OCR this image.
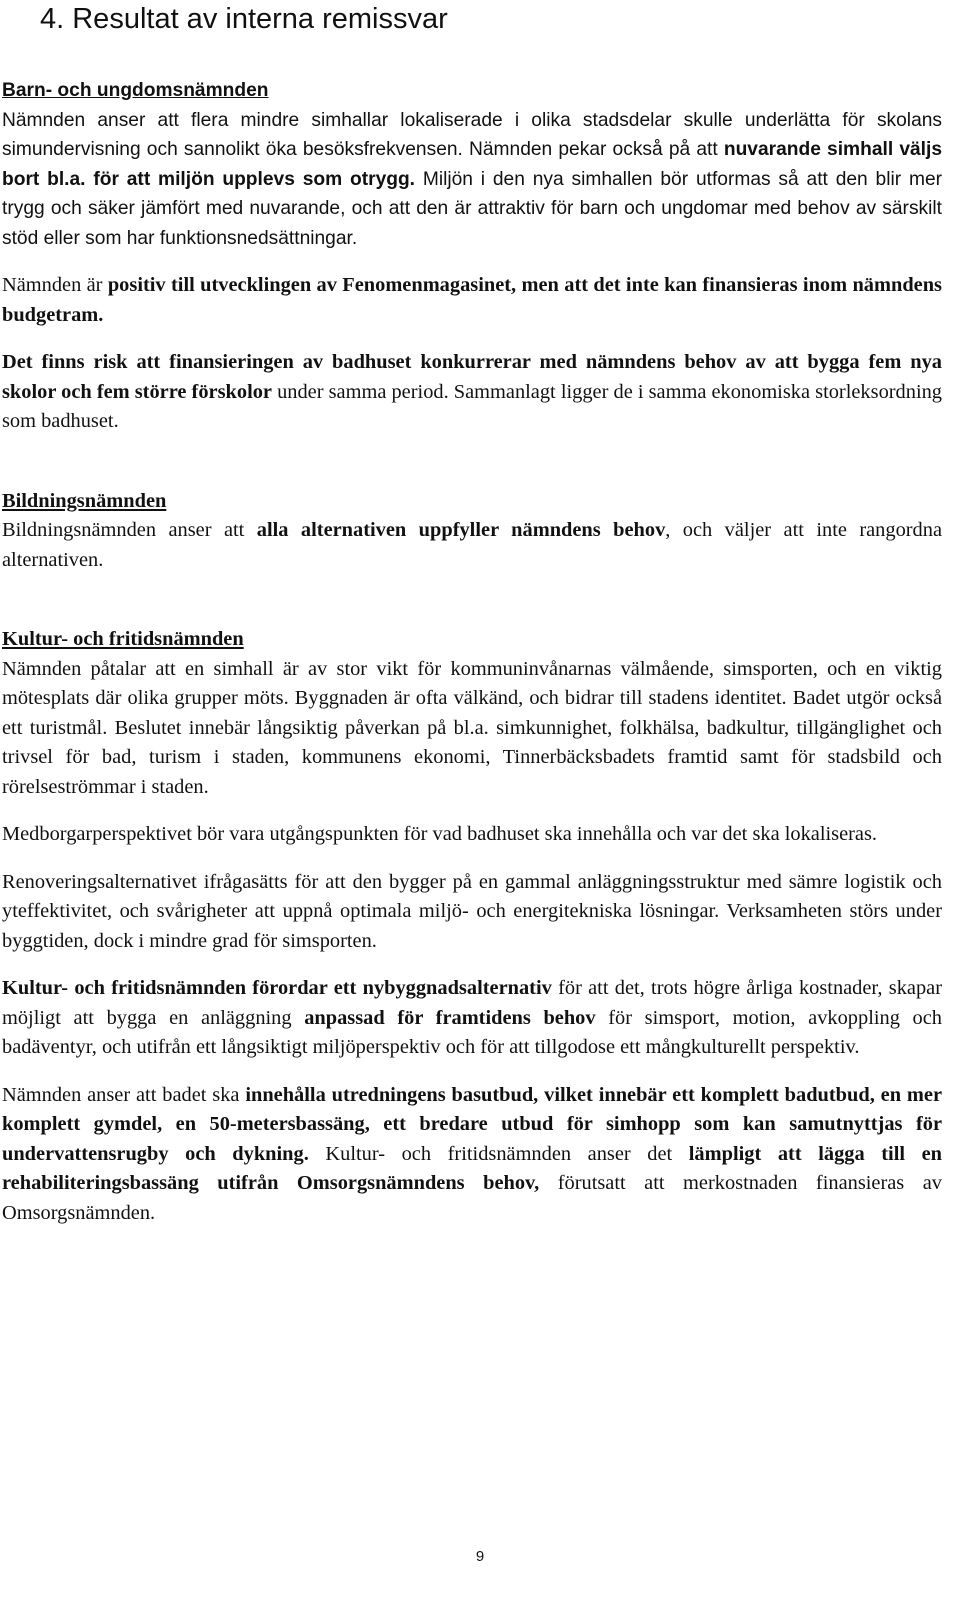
4. Resultat av interna remissvar
Barn- och ungdomsnämnden

Nämnden anser att flera mindre simhallar lokaliserade i olika stadsdelar skulle underlätta för skolans simundervisning och sannolikt öka besöksfrekvensen. Nämnden pekar också på att nuvarande simhall väljs bort bl.a. för att miljön upplevs som otrygg. Miljön i den nya simhallen bör utformas så att den blir mer trygg och säker jämfört med nuvarande, och att den är attraktiv för barn och ungdomar med behov av särskilt stöd eller som har funktionsnedsättningar.

Nämnden är positiv till utvecklingen av Fenomenmagasinet, men att det inte kan finansieras inom nämndens budgetram.

Det finns risk att finansieringen av badhuset konkurrerar med nämndens behov av att bygga fem nya skolor och fem större förskolor under samma period. Sammanlagt ligger de i samma ekonomiska storleksordning som badhuset.

Bildningsnämnden

Bildningsnämnden anser att alla alternativen uppfyller nämndens behov, och väljer att inte rangordna alternativen.

Kultur- och fritidsnämnden

Nämnden påtalar att en simhall är av stor vikt för kommuninvånarnas välmående, simsporten, och en viktig mötesplats där olika grupper möts. Byggnaden är ofta välkänd, och bidrar till stadens identitet. Badet utgör också ett turistmål. Beslutet innebär långsiktig påverkan på bl.a. simkunnighet, folkhälsa, badkultur, tillgänglighet och trivsel för bad, turism i staden, kommunens ekonomi, Tinnerbäcksbadets framtid samt för stadsbild och rörelseströmmar i staden.

Medborgarperspektivet bör vara utgångspunkten för vad badhuset ska innehålla och var det ska lokaliseras.

Renoveringsalternativet ifrågasätts för att den bygger på en gammal anläggningsstruktur med sämre logistik och yteffektivitet, och svårigheter att uppnå optimala miljö- och energitekniska lösningar. Verksamheten störs under byggtiden, dock i mindre grad för simsporten.

Kultur- och fritidsnämnden förordar ett nybyggnadsalternativ för att det, trots högre årliga kostnader, skapar möjligt att bygga en anläggning anpassad för framtidens behov för simsport, motion, avkoppling och badäventyr, och utifrån ett långsiktigt miljöperspektiv och för att tillgodose ett mångkulturellt perspektiv.

Nämnden anser att badet ska innehålla utredningens basutbud, vilket innebär ett komplett badutbud, en mer komplett gymdel, en 50-metersbassäng, ett bredare utbud för simhopp som kan samutnyttjas för undervattensrugby och dykning. Kultur- och fritidsnämnden anser det lämpligt att lägga till en rehabiliteringsbassäng utifrån Omsorgsnämndens behov, förutsatt att merkostnaden finansieras av Omsorgsnämnden.

9
